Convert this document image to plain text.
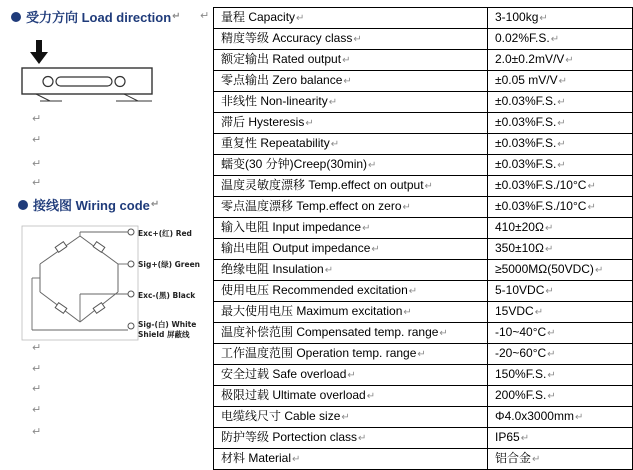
受力方向 Load direction ↵
↵
↵
↵
↵
接线图 Wiring code ↵
Exc+(红) Red
Sig+(绿) Green
Exc-(黑) Black
Sig-(白) White
Shield 屏蔽线
↵
↵
↵
↵
↵
↵ 量程 Capacity↵	3-100kg↵
精度等级 Accuracy class↵	0.02%F.S.↵
额定输出 Rated output↵	2.0±0.2mV/V↵
零点输出 Zero balance↵	±0.05 mV/V↵
非线性 Non-linearity↵	±0.03%F.S.↵
滞后 Hysteresis↵	±0.03%F.S.↵
重复性 Repeatability↵	±0.03%F.S.↵
蠕变(30 分钟)Creep(30min)↵	±0.03%F.S.↵
温度灵敏度漂移 Temp.effect on output↵	±0.03%F.S./10°C↵
零点温度漂移 Temp.effect on zero↵	±0.03%F.S./10°C↵
输入电阻 Input impedance↵	410±20Ω↵
输出电阻 Output impedance↵	350±10Ω↵
绝缘电阻 Insulation↵	≥5000MΩ(50VDC)↵
使用电压 Recommended excitation↵	5-10VDC↵
最大使用电压 Maximum excitation↵	15VDC↵
温度补偿范围 Compensated temp. range↵	-10~40°C↵
工作温度范围 Operation temp. range↵	-20~60°C↵
安全过载 Safe overload↵	150%F.S.↵
极限过载 Ultimate overload↵	200%F.S.↵
电缆线尺寸 Cable size↵	Φ4.0x3000mm↵
防护等级 Portection class↵	IP65↵
材料 Material↵	铝合金↵
